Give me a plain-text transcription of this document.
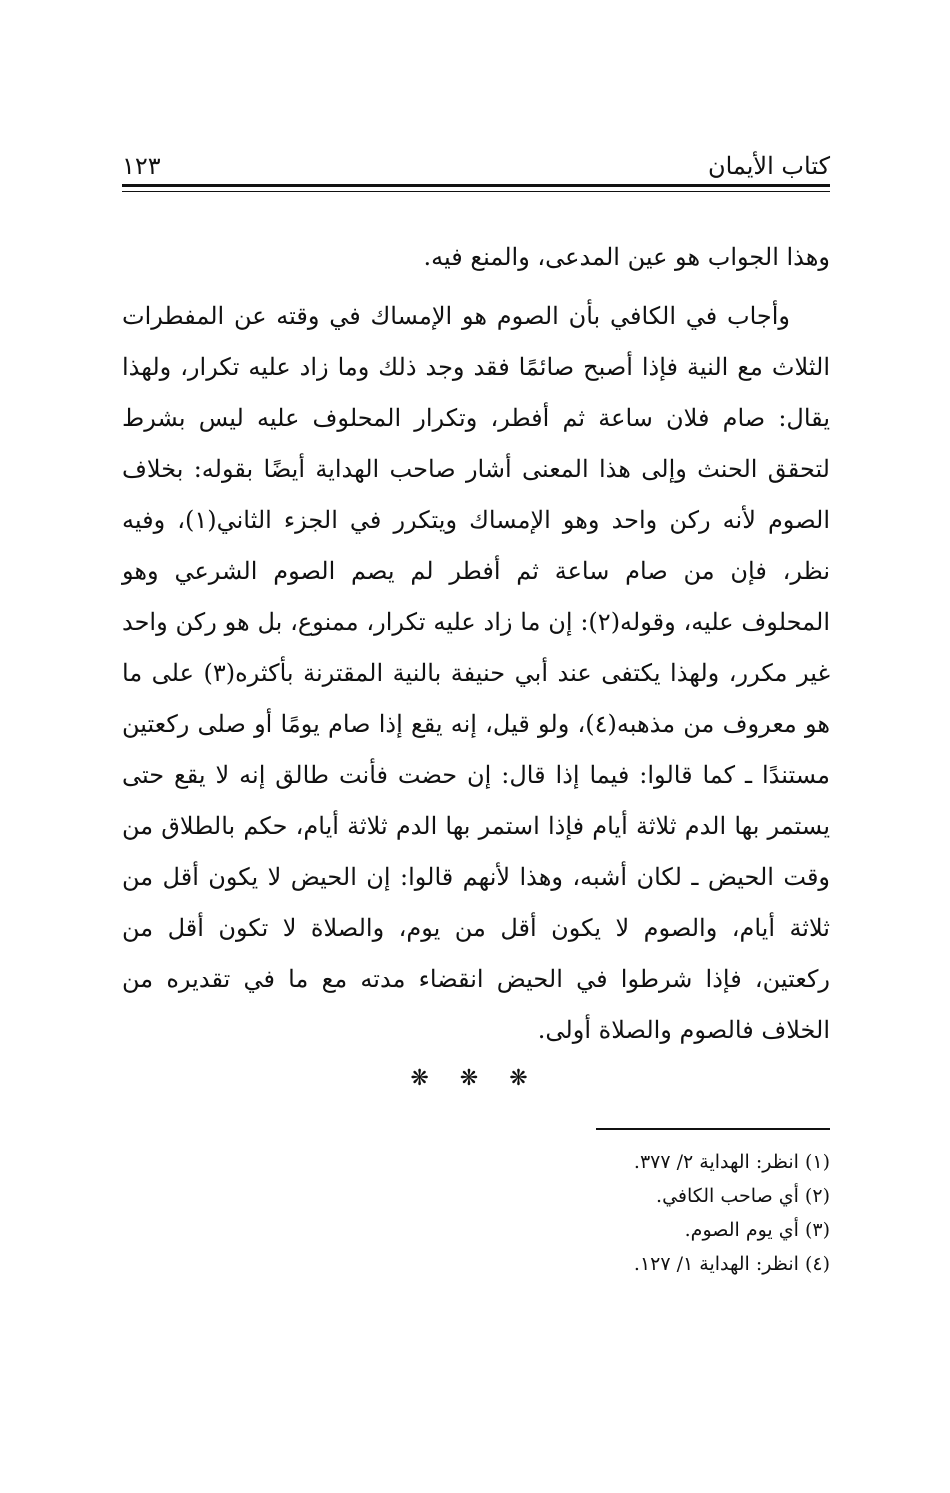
كتاب الأيمان
١٢٣

وهذا الجواب هو عين المدعى، والمنع فيه.

وأجاب في الكافي بأن الصوم هو الإمساك في وقته عن المفطرات الثلاث مع النية فإذا أصبح صائمًا فقد وجد ذلك وما زاد عليه تكرار، ولهذا يقال: صام فلان ساعة ثم أفطر، وتكرار المحلوف عليه ليس بشرط لتحقق الحنث وإلى هذا المعنى أشار صاحب الهداية أيضًا بقوله: بخلاف الصوم لأنه ركن واحد وهو الإمساك ويتكرر في الجزء الثاني(١)، وفيه نظر، فإن من صام ساعة ثم أفطر لم يصم الصوم الشرعي وهو المحلوف عليه، وقوله(٢): إن ما زاد عليه تكرار، ممنوع، بل هو ركن واحد غير مكرر، ولهذا يكتفى عند أبي حنيفة بالنية المقترنة بأكثره(٣) على ما هو معروف من مذهبه(٤)، ولو قيل، إنه يقع إذا صام يومًا أو صلى ركعتين مستندًا ـ كما قالوا: فيما إذا قال: إن حضت فأنت طالق إنه لا يقع حتى يستمر بها الدم ثلاثة أيام فإذا استمر بها الدم ثلاثة أيام، حكم بالطلاق من وقت الحيض ـ لكان أشبه، وهذا لأنهم قالوا: إن الحيض لا يكون أقل من ثلاثة أيام، والصوم لا يكون أقل من يوم، والصلاة لا تكون أقل من ركعتين، فإذا شرطوا في الحيض انقضاء مدته مع ما في تقديره من الخلاف فالصوم والصلاة أولى.

❋ ❋ ❋

(١) انظر: الهداية ٢/ ٣٧٧.

(٢) أي صاحب الكافي.

(٣) أي يوم الصوم.

(٤) انظر: الهداية ١/ ١٢٧.
